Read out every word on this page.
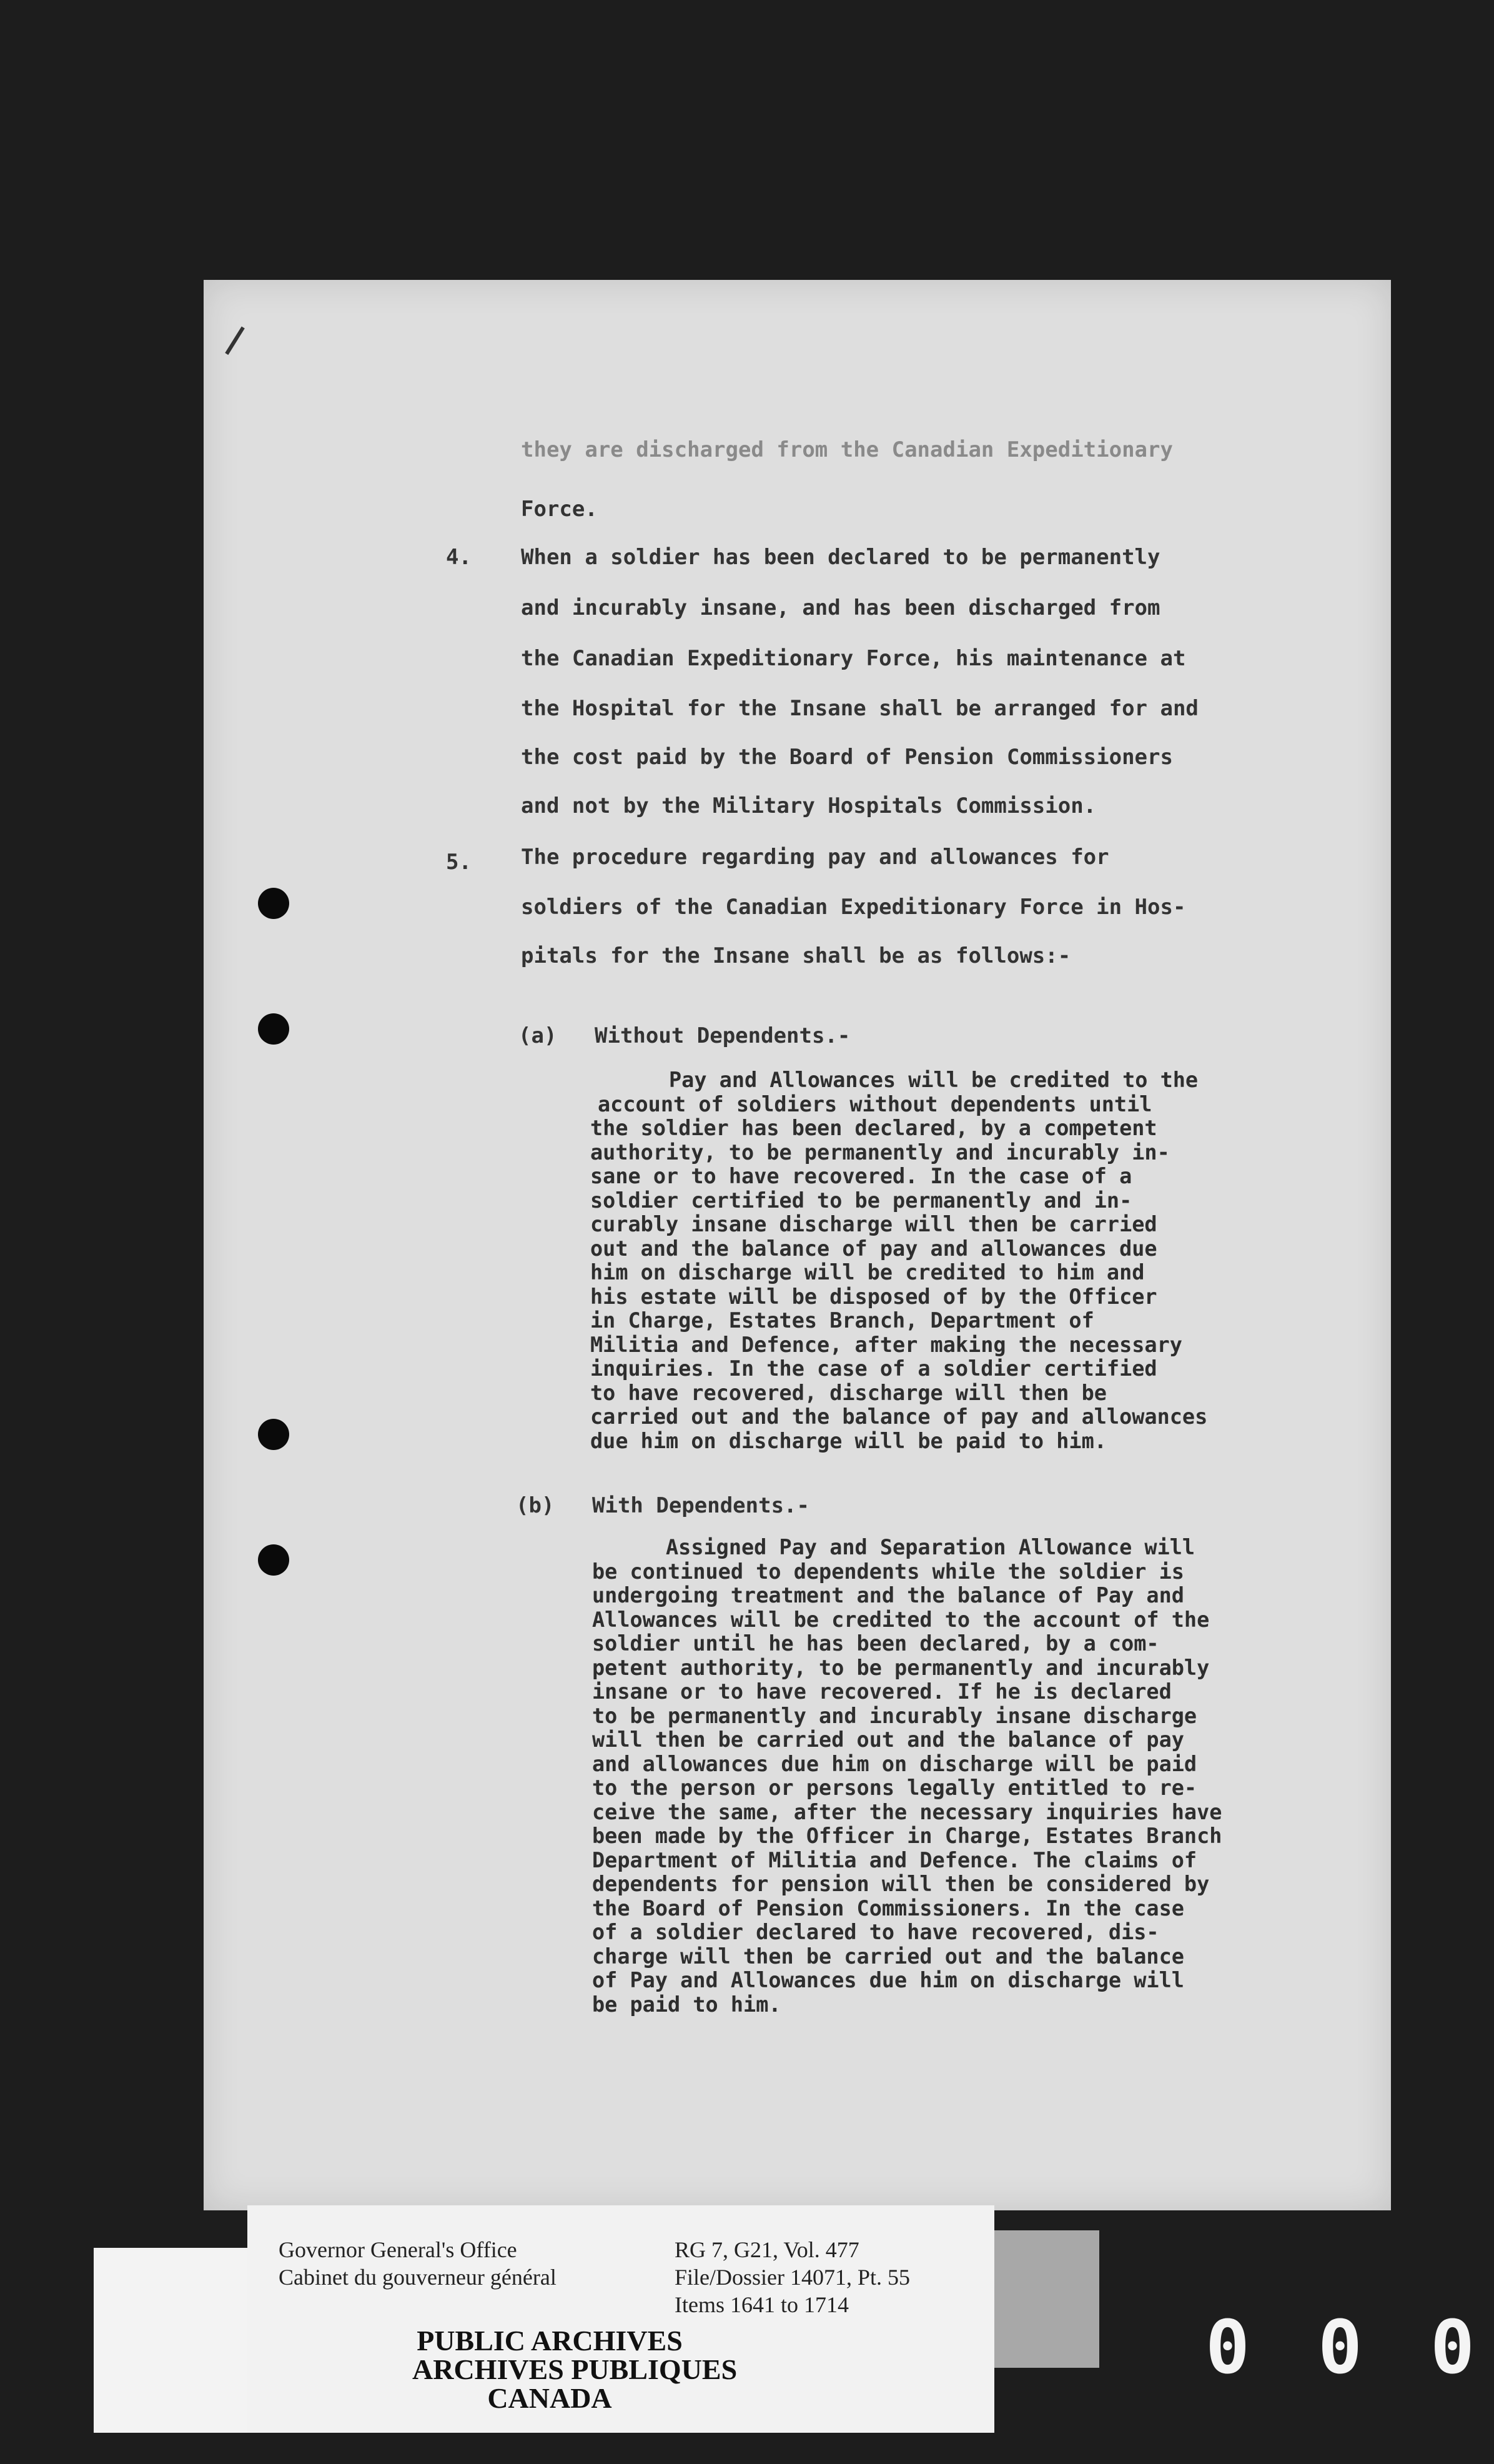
they are discharged from the Canadian Expeditionary
Force.
4. When a soldier has been declared to be permanently
and incurably insane, and has been discharged from
the Canadian Expeditionary Force, his maintenance at
the Hospital for the Insane shall be arranged for and
the cost paid by the Board of Pension Commissioners
and not by the Military Hospitals Commission.
5. The procedure regarding pay and allowances for
soldiers of the Canadian Expeditionary Force in Hos-
pitals for the Insane shall be as follows:-
(a) Without Dependents.-
Pay and Allowances will be credited to the
account of soldiers without dependents until
the soldier has been declared, by a competent
authority, to be permanently and incurably in-
sane or to have recovered. In the case of a
soldier certified to be permanently and in-
curably insane discharge will then be carried
out and the balance of pay and allowances due
him on discharge will be credited to him and
his estate will be disposed of by the Officer
in Charge, Estates Branch, Department of
Militia and Defence, after making the necessary
inquiries. In the case of a soldier certified
to have recovered, discharge will then be
carried out and the balance of pay and allowances
due him on discharge will be paid to him.
(b) With Dependents.-
Assigned Pay and Separation Allowance will
be continued to dependents while the soldier is
undergoing treatment and the balance of Pay and
Allowances will be credited to the account of the
soldier until he has been declared, by a com-
petent authority, to be permanently and incurably
insane or to have recovered. If he is declared
to be permanently and incurably insane discharge
will then be carried out and the balance of pay
and allowances due him on discharge will be paid
to the person or persons legally entitled to re-
ceive the same, after the necessary inquiries have
been made by the Officer in Charge, Estates Branch
Department of Militia and Defence. The claims of
dependents for pension will then be considered by
the Board of Pension Commissioners. In the case
of a soldier declared to have recovered, dis-
charge will then be carried out and the balance
of Pay and Allowances due him on discharge will
be paid to him.
Governor General's Office
Cabinet du gouverneur général
RG 7, G21, Vol. 477
File/Dossier 14071, Pt. 55
Items 1641 to 1714
PUBLIC ARCHIVES
ARCHIVES PUBLIQUES
CANADA
0 0 0
